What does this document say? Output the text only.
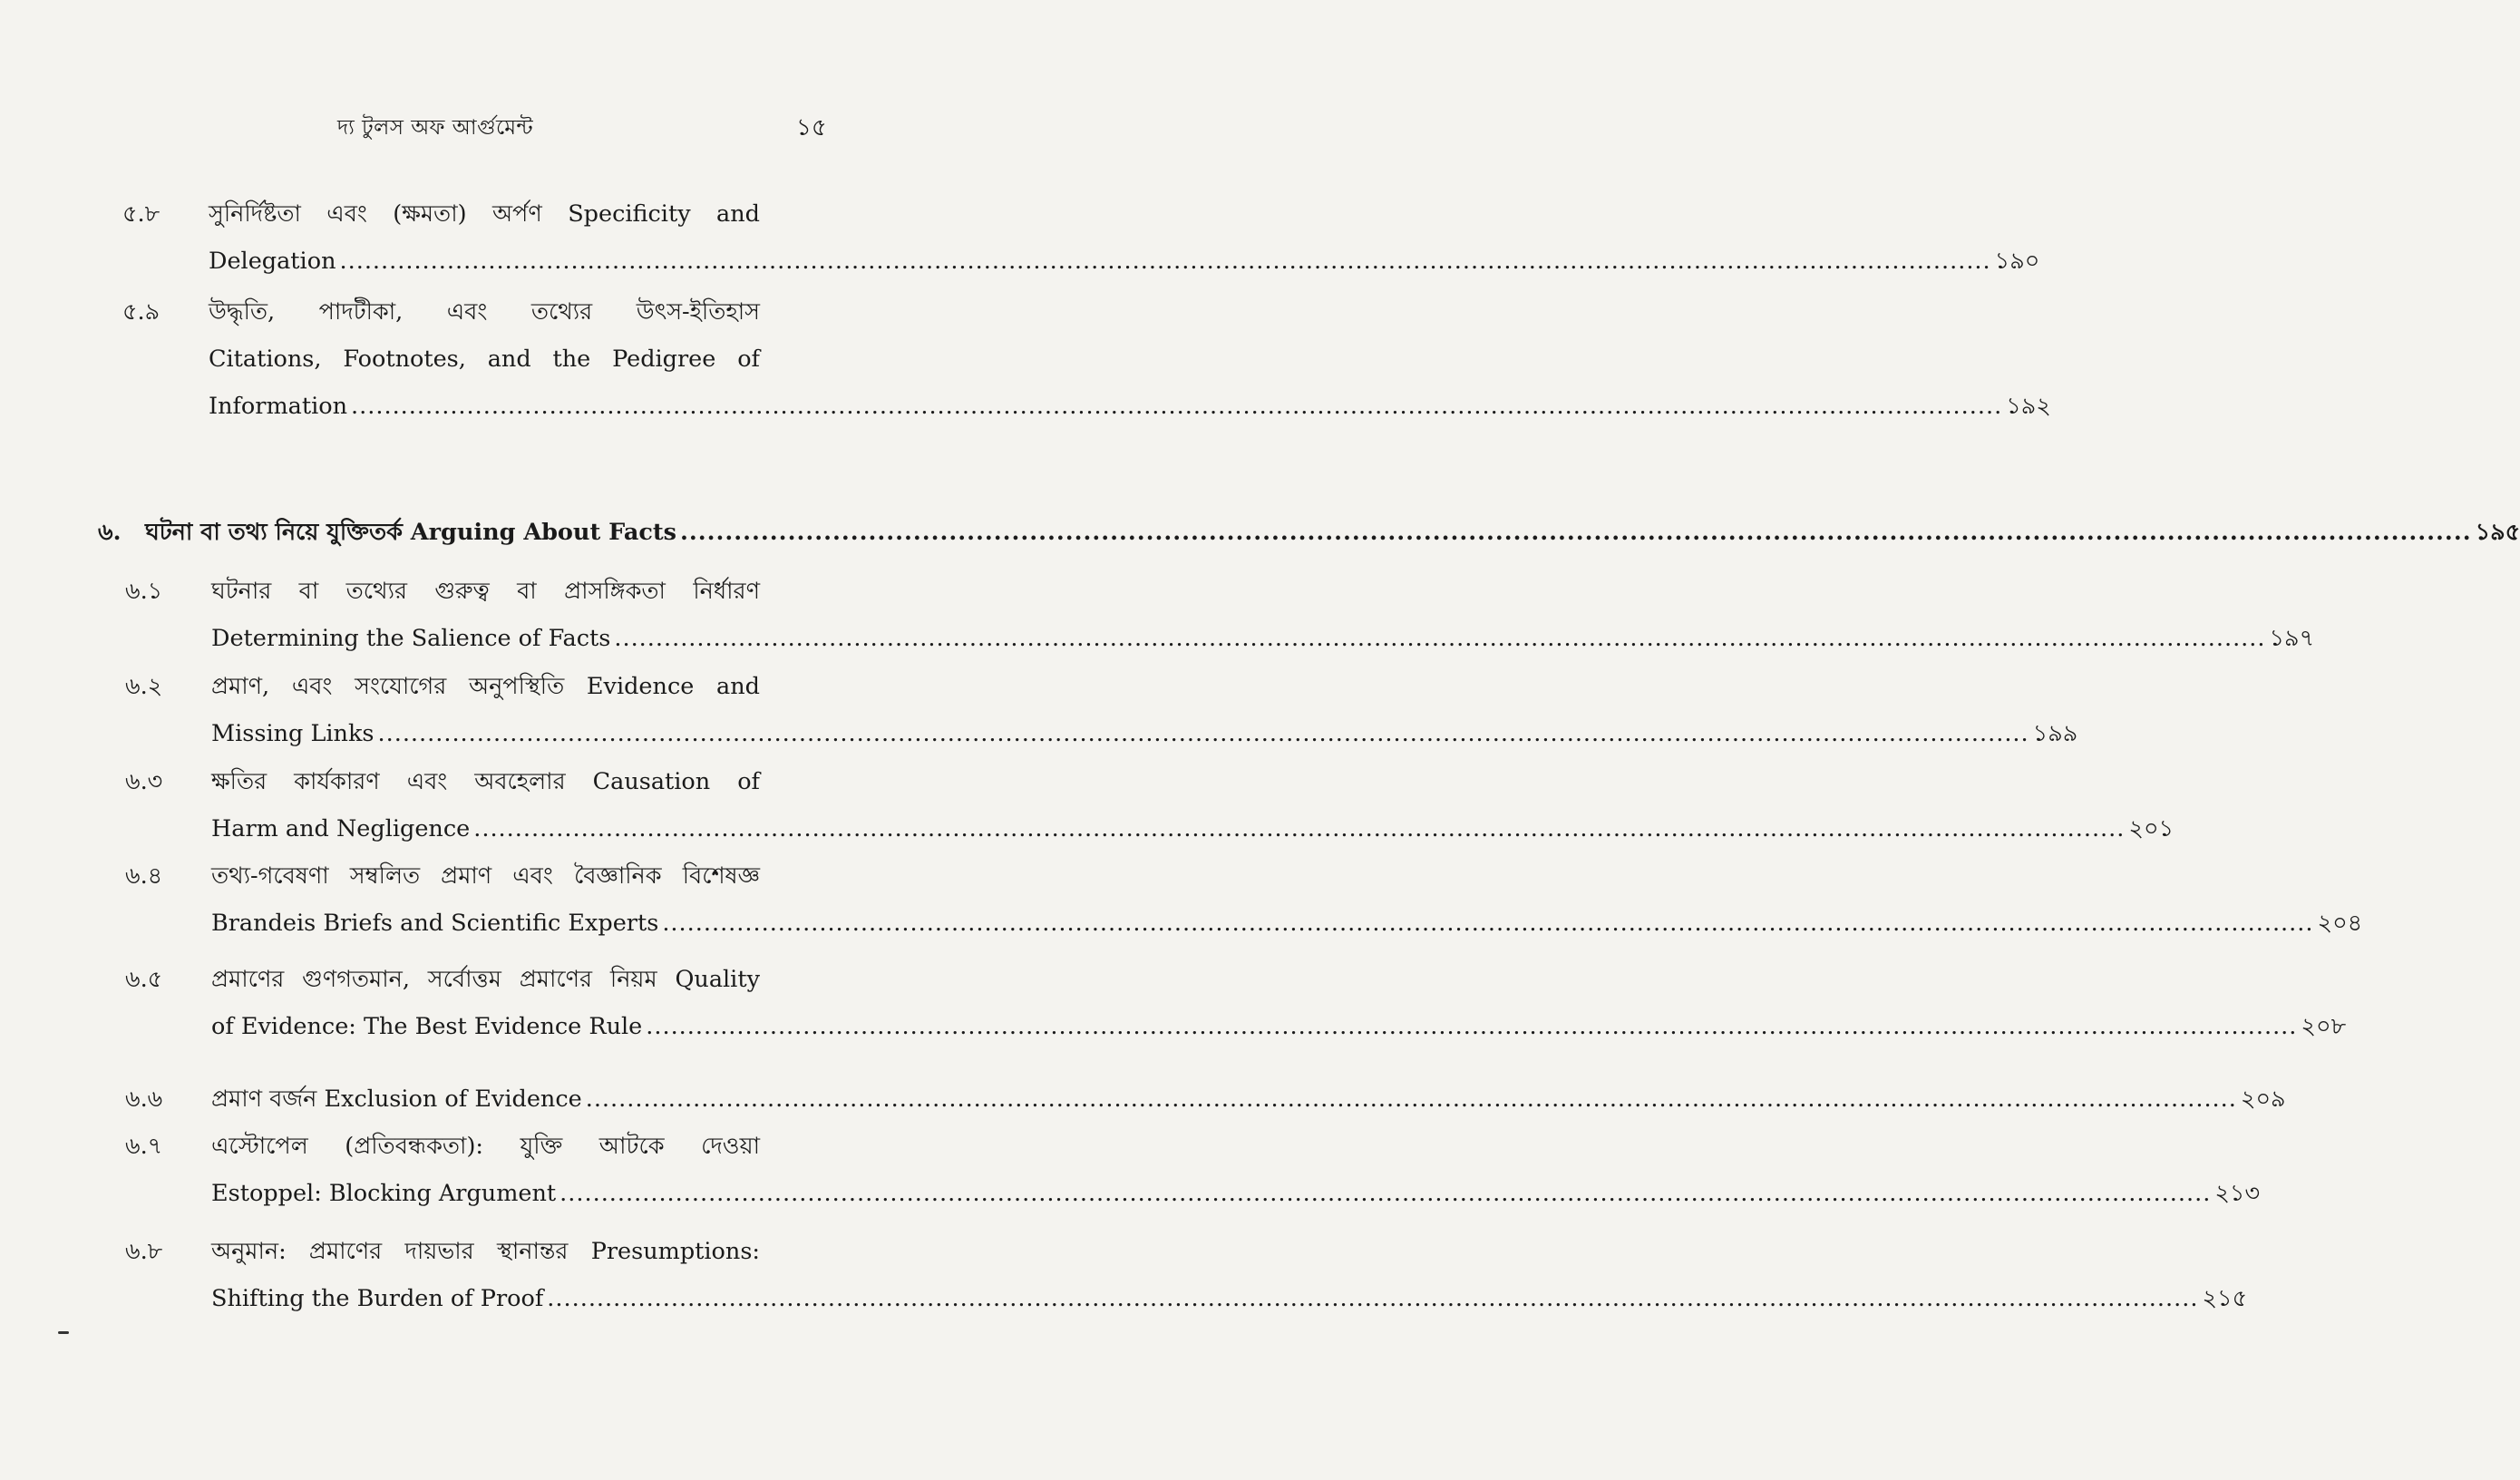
দ্য টুলস অফ আর্গুমেন্ট	১৫
৫.৮ সুনির্দিষ্টতা এবং (ক্ষমতা) অর্পণ Specificity and
Delegation ........................................................................................................................................................................................................ ১৯০
৫.৯ উদ্ধৃতি, পাদটীকা, এবং তথ্যের উৎস-ইতিহাস
Citations, Footnotes, and the Pedigree of
Information ........................................................................................................................................................................................................ ১৯২
৬. ঘটনা বা তথ্য নিয়ে যুক্তিতর্ক Arguing About Facts ........................................................................................................................................................................................................ ১৯৫
৬.১ ঘটনার বা তথ্যের গুরুত্ব বা প্রাসঙ্গিকতা নির্ধারণ
Determining the Salience of Facts ........................................................................................................................................................................................................ ১৯৭
৬.২ প্রমাণ, এবং সংযোগের অনুপস্থিতি Evidence and
Missing Links ........................................................................................................................................................................................................ ১৯৯
৬.৩ ক্ষতির কার্যকারণ এবং অবহেলার Causation of
Harm and Negligence ........................................................................................................................................................................................................ ২০১
৬.৪ তথ্য-গবেষণা সম্বলিত প্রমাণ এবং বৈজ্ঞানিক বিশেষজ্ঞ
Brandeis Briefs and Scientific Experts ........................................................................................................................................................................................................ ২০৪
৬.৫ প্রমাণের গুণগতমান, সর্বোত্তম প্রমাণের নিয়ম Quality
of Evidence: The Best Evidence Rule ........................................................................................................................................................................................................ ২০৮
৬.৬ প্রমাণ বর্জন Exclusion of Evidence ........................................................................................................................................................................................................ ২০৯
৬.৭ এস্টোপেল (প্রতিবন্ধকতা): যুক্তি আটকে দেওয়া
Estoppel: Blocking Argument ........................................................................................................................................................................................................ ২১৩
৬.৮ অনুমান: প্রমাণের দায়ভার স্থানান্তর Presumptions:
Shifting the Burden of Proof ........................................................................................................................................................................................................ ২১৫
